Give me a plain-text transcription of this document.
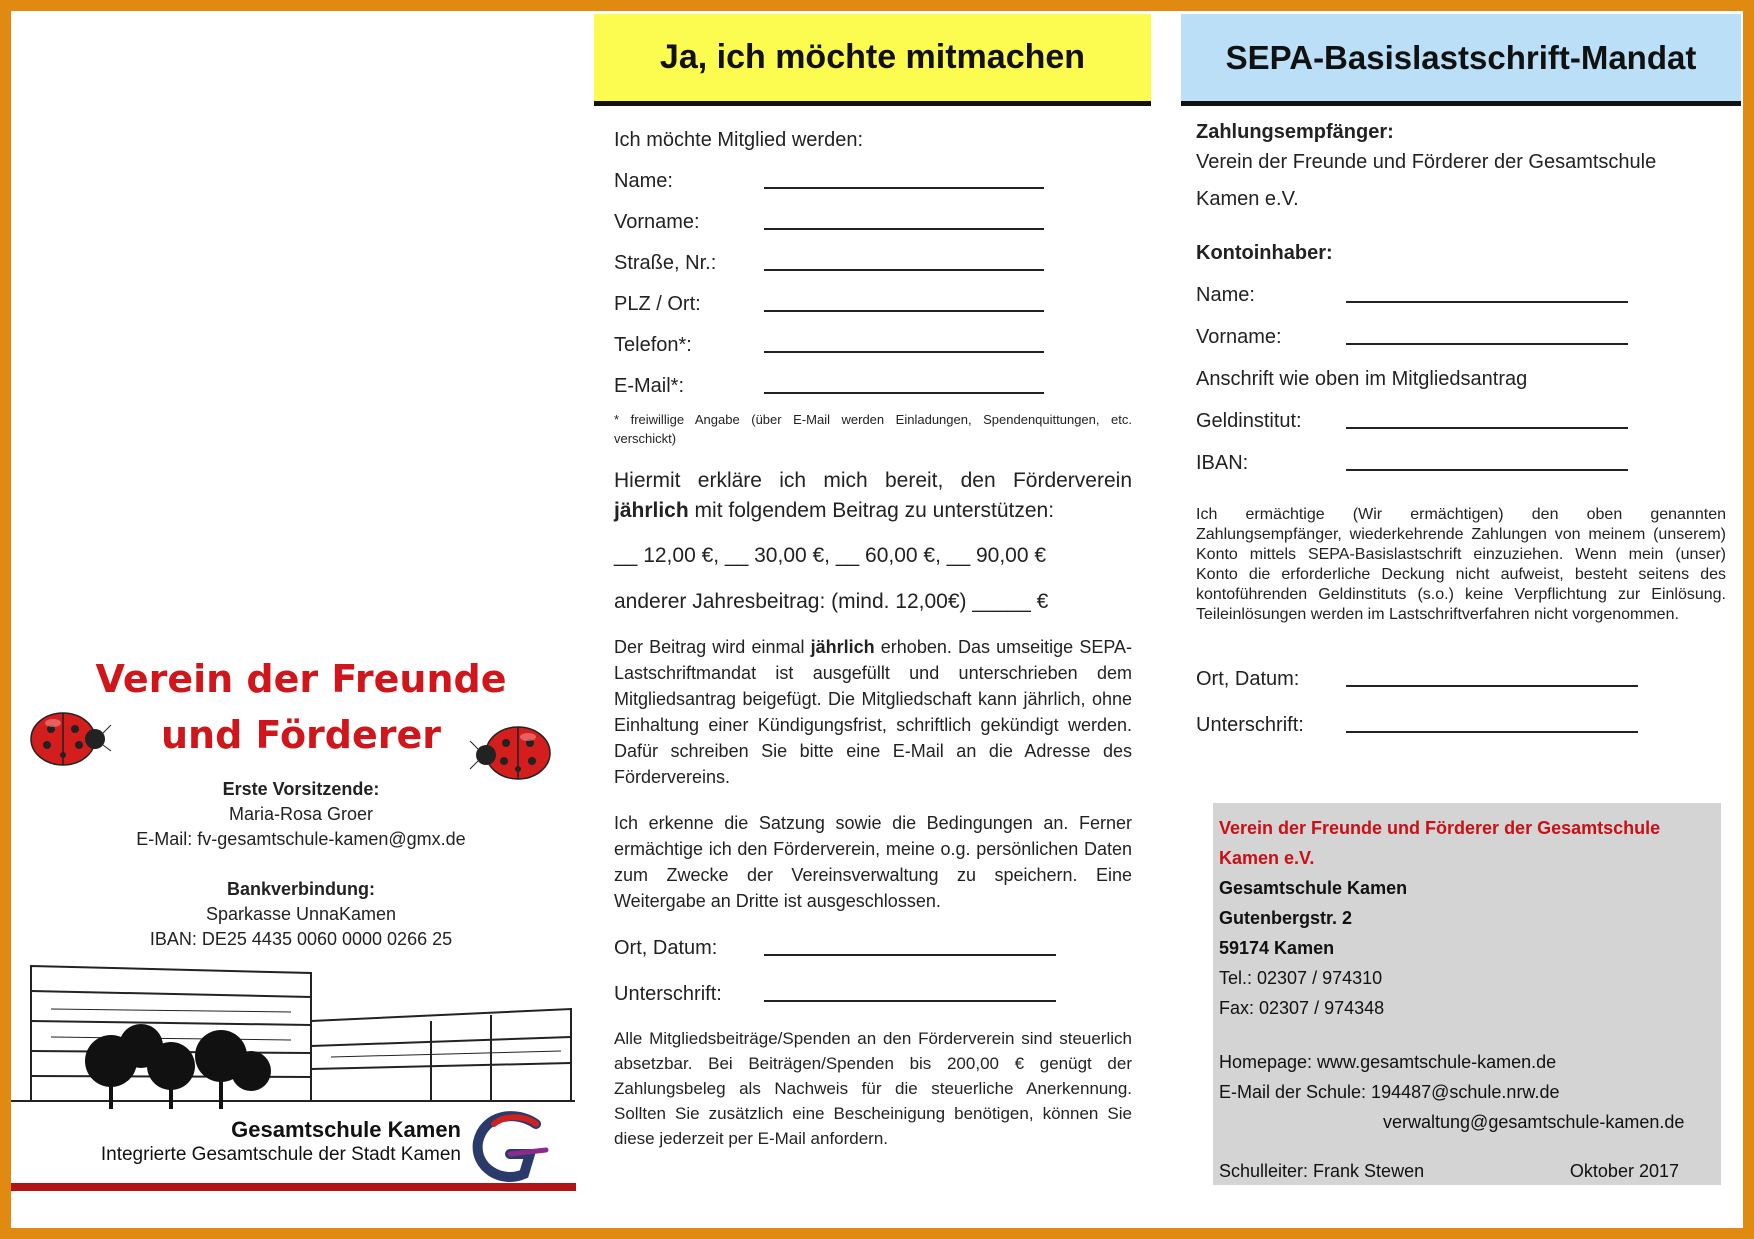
Verein der Freunde
und Förderer
Erste Vorsitzende:
Maria-Rosa Groer
E-Mail: fv-gesamtschule-kamen@gmx.de
Bankverbindung:
Sparkasse UnnaKamen
IBAN: DE25 4435 0060 0000 0266 25
Gesamtschule Kamen
Integrierte Gesamtschule der Stadt Kamen
Ja, ich möchte mitmachen
Ich möchte Mitglied werden:
Name:
Vorname:
Straße, Nr.:
PLZ / Ort:
Telefon*:
E-Mail*:
* freiwillige Angabe (über E-Mail werden Einladungen, Spendenquittungen, etc. verschickt)
Hiermit erkläre ich mich bereit, den Förderverein jährlich mit folgendem Beitrag zu unterstützen:
__ 12,00 €, __ 30,00 €, __ 60,00 €, __ 90,00 €
anderer Jahresbeitrag: (mind. 12,00€) _____ €
Der Beitrag wird einmal jährlich erhoben. Das umseitige SEPA-Lastschriftmandat ist ausgefüllt und unterschrieben dem Mitgliedsantrag beigefügt. Die Mitgliedschaft kann jährlich, ohne Einhaltung einer Kündigungsfrist, schriftlich gekündigt werden. Dafür schreiben Sie bitte eine E-Mail an die Adresse des Fördervereins.
Ich erkenne die Satzung sowie die Bedingungen an. Ferner ermächtige ich den Förderverein, meine o.g. persönlichen Daten zum Zwecke der Vereinsverwaltung zu speichern. Eine Weitergabe an Dritte ist ausgeschlossen.
Ort, Datum:
Unterschrift:
Alle Mitgliedsbeiträge/Spenden an den Förderverein sind steuerlich absetzbar. Bei Beiträgen/Spenden bis 200,00 € genügt der Zahlungsbeleg als Nachweis für die steuerliche Anerkennung. Sollten Sie zusätzlich eine Bescheinigung benötigen, können Sie diese jederzeit per E-Mail anfordern.
SEPA-Basislastschrift-Mandat
Zahlungsempfänger:
Verein der Freunde und Förderer der Gesamtschule
Kamen e.V.
Kontoinhaber:
Name:
Vorname:
Anschrift wie oben im Mitgliedsantrag
Geldinstitut:
IBAN:
Ich ermächtige (Wir ermächtigen) den oben genannten Zahlungsempfänger, wiederkehrende Zahlungen von meinem (unserem) Konto mittels SEPA-Basislastschrift einzuziehen. Wenn mein (unser) Konto die erforderliche Deckung nicht aufweist, besteht seitens des kontoführenden Geldinstituts (s.o.) keine Verpflichtung zur Einlösung. Teileinlösungen werden im Lastschriftverfahren nicht vorgenommen.
Ort, Datum:
Unterschrift:
Verein der Freunde und Förderer der Gesamtschule
Kamen e.V.
Gesamtschule Kamen
Gutenbergstr. 2
59174 Kamen
Tel.: 02307 / 974310
Fax: 02307 / 974348
Homepage: www.gesamtschule-kamen.de
E-Mail der Schule: 194487@schule.nrw.de
verwaltung@gesamtschule-kamen.de
Schulleiter: Frank Stewen	Oktober 2017
